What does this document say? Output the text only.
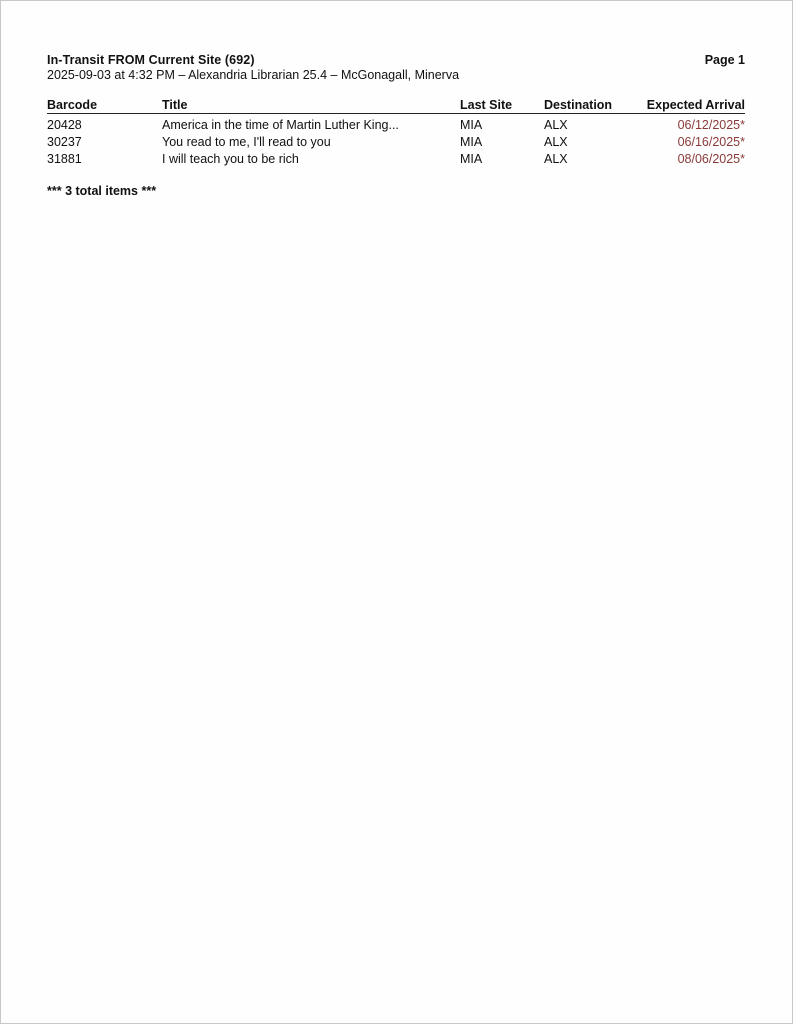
In-Transit FROM Current Site (692)
2025-09-03 at 4:32 PM – Alexandria Librarian 25.4 – McGonagall, Minerva
Page 1
Barcode	Title	Last Site	Destination	Expected Arrival
20428	America in the time of Martin Luther King...	MIA	ALX	06/12/2025*
30237	You read to me, I'll read to you	MIA	ALX	06/16/2025*
31881	I will teach you to be rich	MIA	ALX	08/06/2025*
*** 3 total items ***
